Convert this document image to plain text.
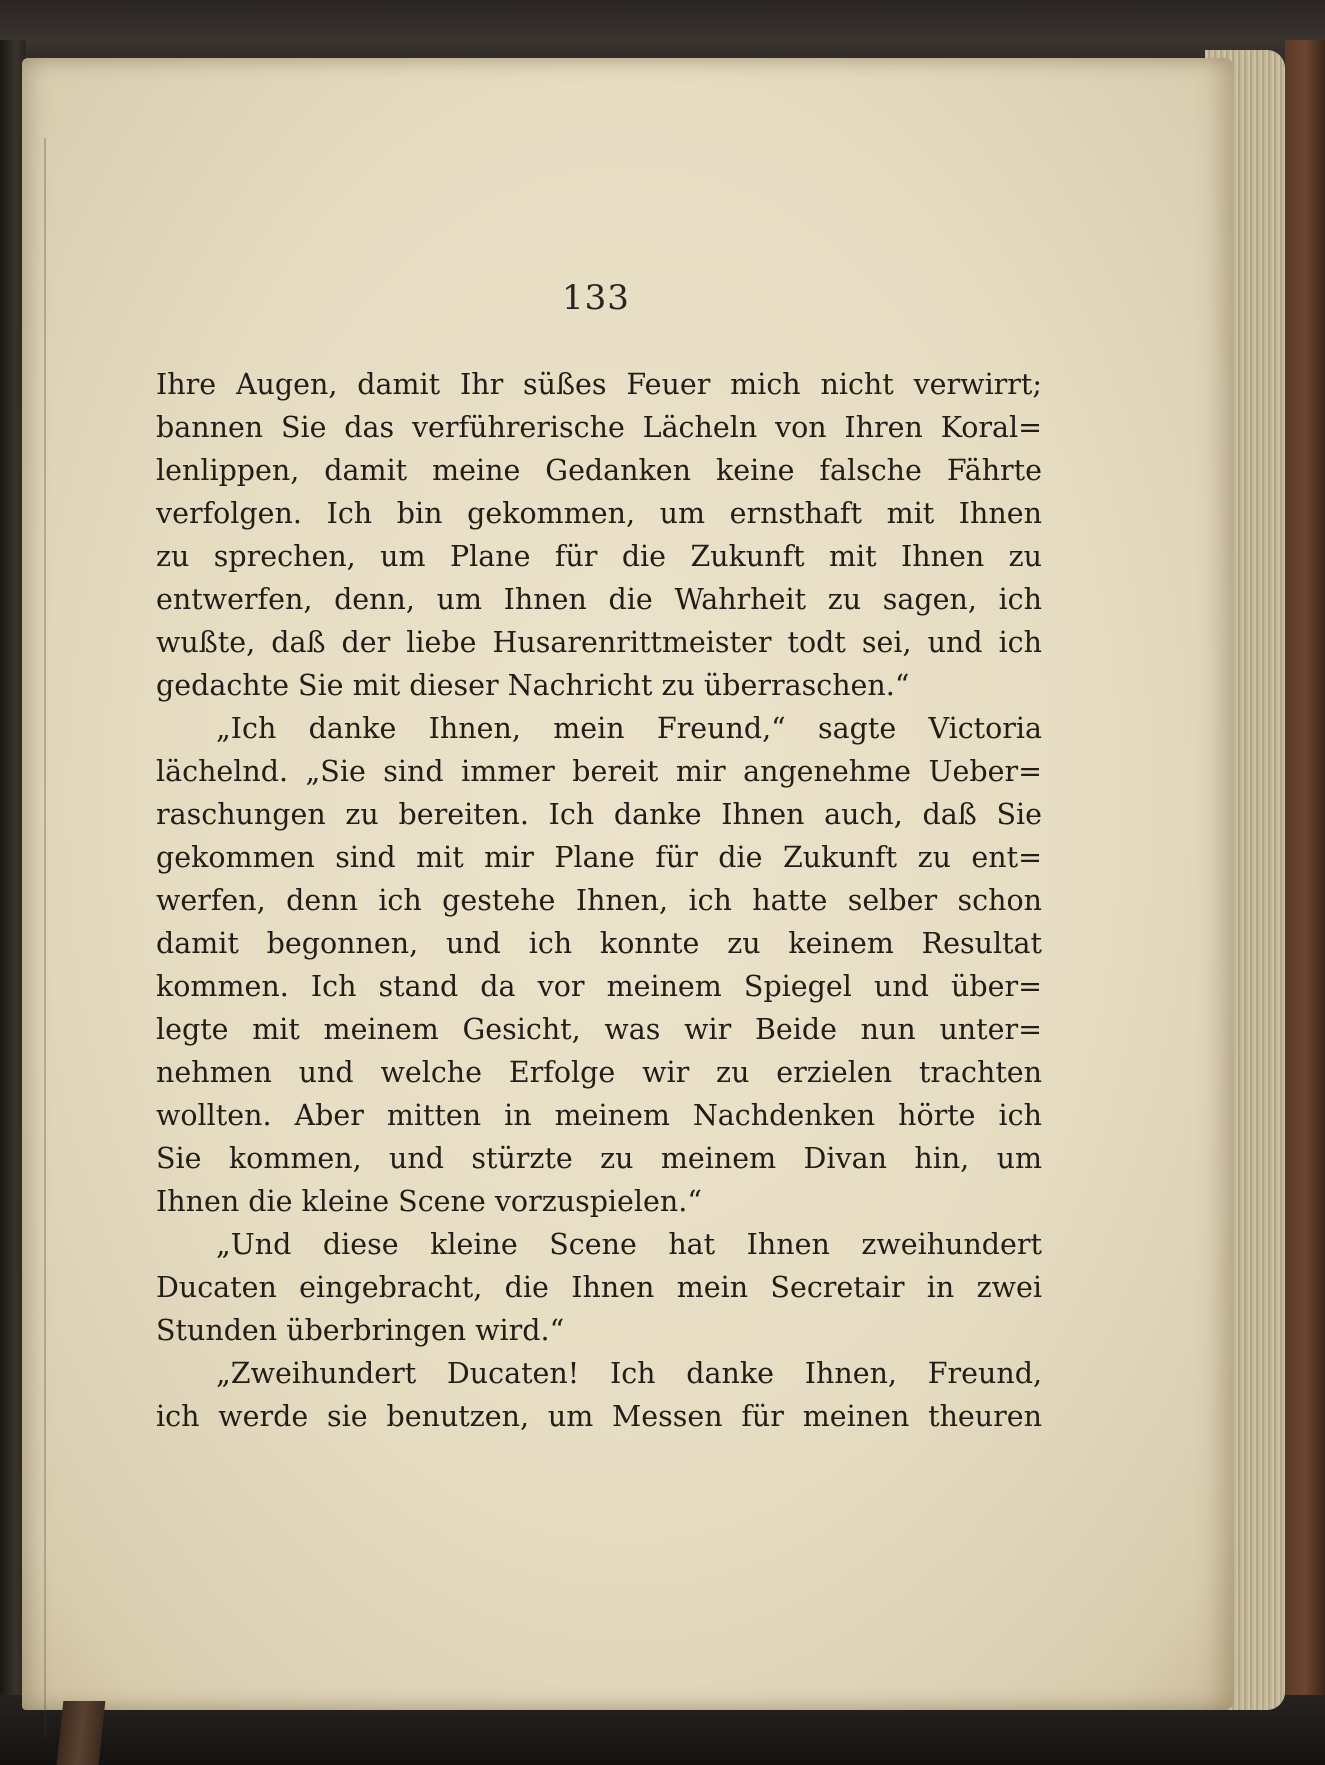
133
Ihre Augen, damit Ihr süßes Feuer mich nicht verwirrt;
bannen Sie das verführerische Lächeln von Ihren Koral=
lenlippen, damit meine Gedanken keine falsche Fährte
verfolgen. Ich bin gekommen, um ernsthaft mit Ihnen
zu sprechen, um Plane für die Zukunft mit Ihnen zu
entwerfen, denn, um Ihnen die Wahrheit zu sagen, ich
wußte, daß der liebe Husarenrittmeister todt sei, und ich
gedachte Sie mit dieser Nachricht zu überraschen.“
„Ich danke Ihnen, mein Freund,“ sagte Victoria
lächelnd. „Sie sind immer bereit mir angenehme Ueber=
raschungen zu bereiten. Ich danke Ihnen auch, daß Sie
gekommen sind mit mir Plane für die Zukunft zu ent=
werfen, denn ich gestehe Ihnen, ich hatte selber schon
damit begonnen, und ich konnte zu keinem Resultat
kommen. Ich stand da vor meinem Spiegel und über=
legte mit meinem Gesicht, was wir Beide nun unter=
nehmen und welche Erfolge wir zu erzielen trachten
wollten. Aber mitten in meinem Nachdenken hörte ich
Sie kommen, und stürzte zu meinem Divan hin, um
Ihnen die kleine Scene vorzuspielen.“
„Und diese kleine Scene hat Ihnen zweihundert
Ducaten eingebracht, die Ihnen mein Secretair in zwei
Stunden überbringen wird.“
„Zweihundert Ducaten! Ich danke Ihnen, Freund,
ich werde sie benutzen, um Messen für meinen theuren
